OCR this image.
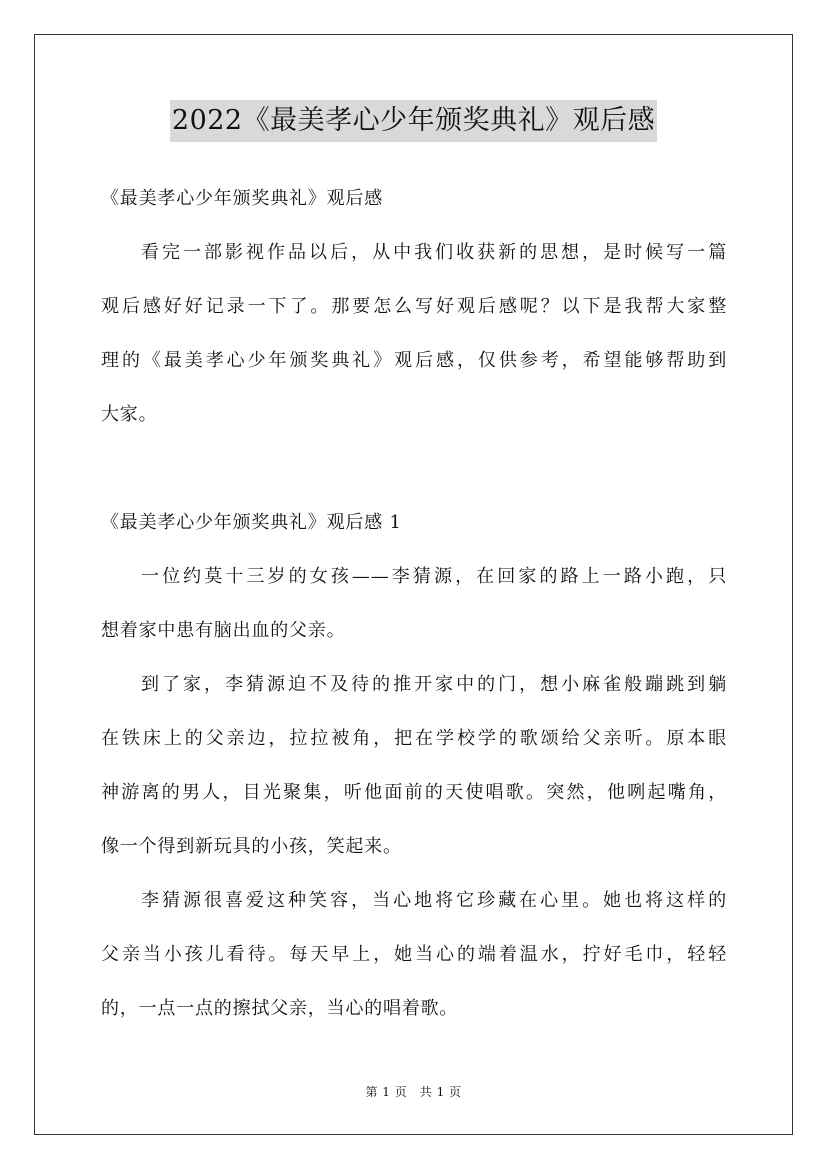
2022《最美孝心少年颁奖典礼》观后感
《最美孝心少年颁奖典礼》观后感
看完一部影视作品以后，从中我们收获新的思想，是时候写一篇
观后感好好记录一下了。那要怎么写好观后感呢？以下是我帮大家整
理的《最美孝心少年颁奖典礼》观后感，仅供参考，希望能够帮助到
大家。
《最美孝心少年颁奖典礼》观后感 1
一位约莫十三岁的女孩——李猜源，在回家的路上一路小跑，只
想着家中患有脑出血的父亲。
到了家，李猜源迫不及待的推开家中的门，想小麻雀般蹦跳到躺
在铁床上的父亲边，拉拉被角，把在学校学的歌颂给父亲听。原本眼
神游离的男人，目光聚集，听他面前的天使唱歌。突然，他咧起嘴角，
像一个得到新玩具的小孩，笑起来。
李猜源很喜爱这种笑容，当心地将它珍藏在心里。她也将这样的
父亲当小孩儿看待。每天早上，她当心的端着温水，拧好毛巾，轻轻
的，一点一点的擦拭父亲，当心的唱着歌。
第 1 页　共 1 页
